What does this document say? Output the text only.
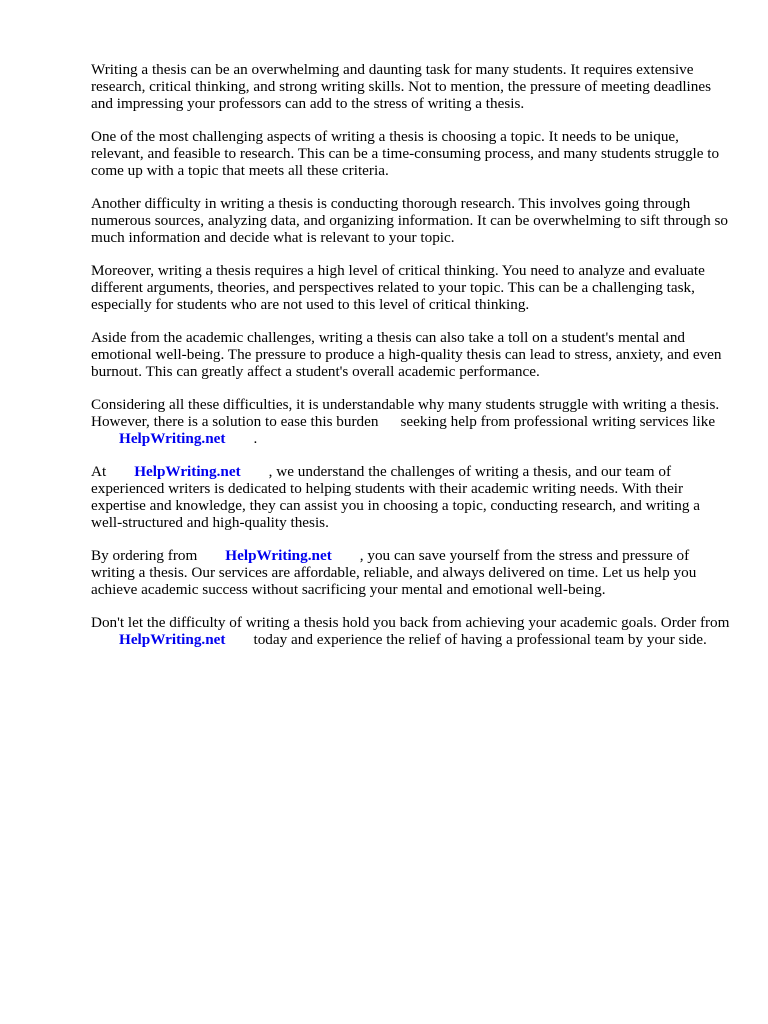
Writing a thesis can be an overwhelming and daunting task for many students. It requires extensive research, critical thinking, and strong writing skills. Not to mention, the pressure of meeting deadlines and impressing your professors can add to the stress of writing a thesis.

One of the most challenging aspects of writing a thesis is choosing a topic. It needs to be unique, relevant, and feasible to research. This can be a time-consuming process, and many students struggle to come up with a topic that meets all these criteria.

Another difficulty in writing a thesis is conducting thorough research. This involves going through numerous sources, analyzing data, and organizing information. It can be overwhelming to sift through so much information and decide what is relevant to your topic.

Moreover, writing a thesis requires a high level of critical thinking. You need to analyze and evaluate different arguments, theories, and perspectives related to your topic. This can be a challenging task, especially for students who are not used to this level of critical thinking.

Aside from the academic challenges, writing a thesis can also take a toll on a student's mental and emotional well-being. The pressure to produce a high-quality thesis can lead to stress, anxiety, and even burnout. This can greatly affect a student's overall academic performance.

Considering all these difficulties, it is understandable why many students struggle with writing a thesis. However, there is a solution to ease this burden seeking help from professional writing services likeHelpWriting.net .

At HelpWriting.net , we understand the challenges of writing a thesis, and our team of experienced writers is dedicated to helping students with their academic writing needs. With their expertise and knowledge, they can assist you in choosing a topic, conducting research, and writing a well-structured and high-quality thesis.

By ordering from HelpWriting.net , you can save yourself from the stress and pressure of writing a thesis. Our services are affordable, reliable, and always delivered on time. Let us help you achieve academic success without sacrificing your mental and emotional well-being.

Don't let the difficulty of writing a thesis hold you back from achieving your academic goals. Order fromHelpWriting.net today and experience the relief of having a professional team by your side.
